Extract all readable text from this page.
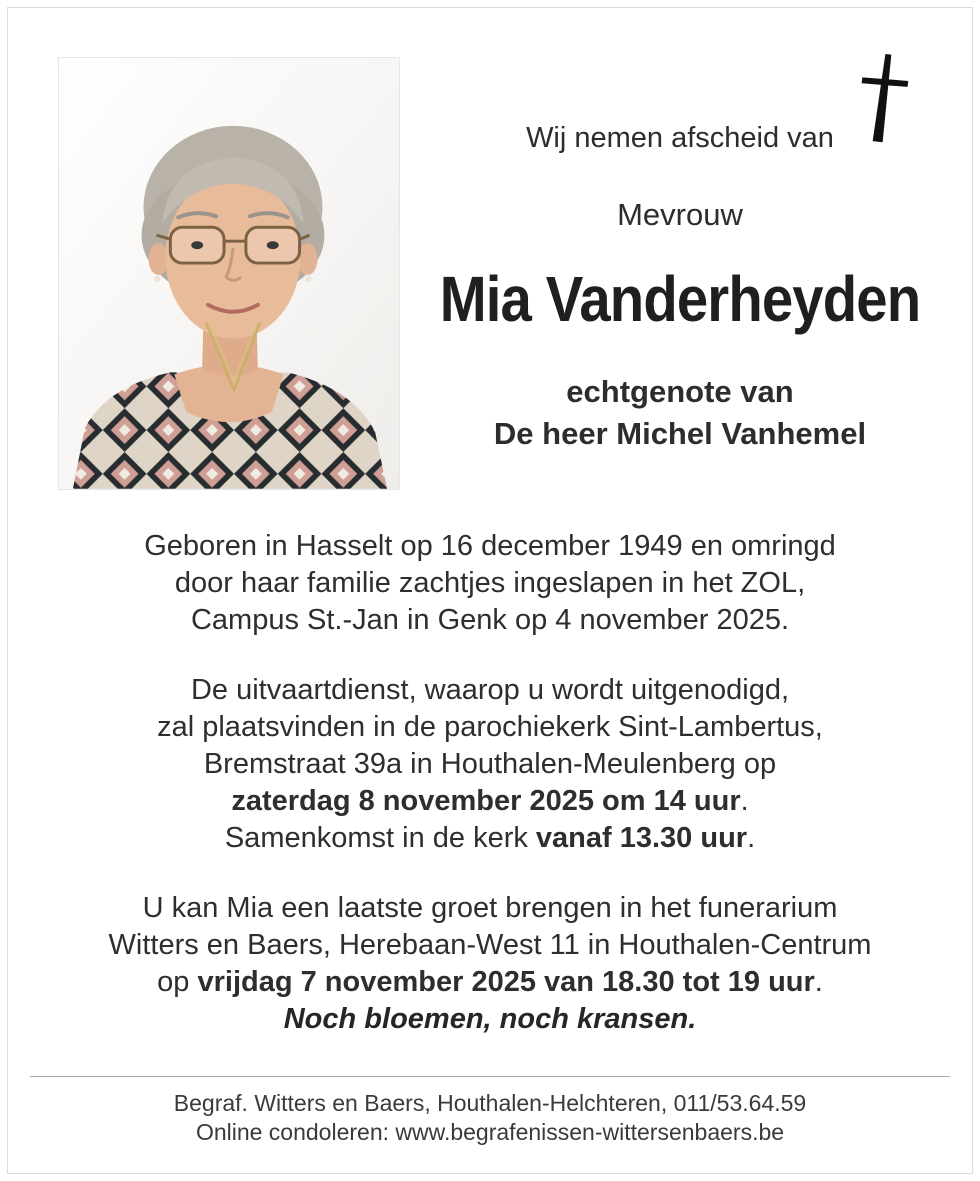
Wij nemen afscheid van
Mevrouw
Mia Vanderheyden
echtgenote van
De heer Michel Vanhemel

Geboren in Hasselt op 16 december 1949 en omringd
door haar familie zachtjes ingeslapen in het ZOL,
Campus St.-Jan in Genk op 4 november 2025.

De uitvaartdienst, waarop u wordt uitgenodigd,
zal plaatsvinden in de parochiekerk Sint-Lambertus,
Bremstraat 39a in Houthalen-Meulenberg op
zaterdag 8 november 2025 om 14 uur.
Samenkomst in de kerk vanaf 13.30 uur.

U kan Mia een laatste groet brengen in het funerarium
Witters en Baers, Herebaan-West 11 in Houthalen-Centrum
op vrijdag 7 november 2025 van 18.30 tot 19 uur.

Noch bloemen, noch kransen.

Begraf. Witters en Baers, Houthalen-Helchteren, 011/53.64.59
Online condoleren: www.begrafenissen-wittersenbaers.be
